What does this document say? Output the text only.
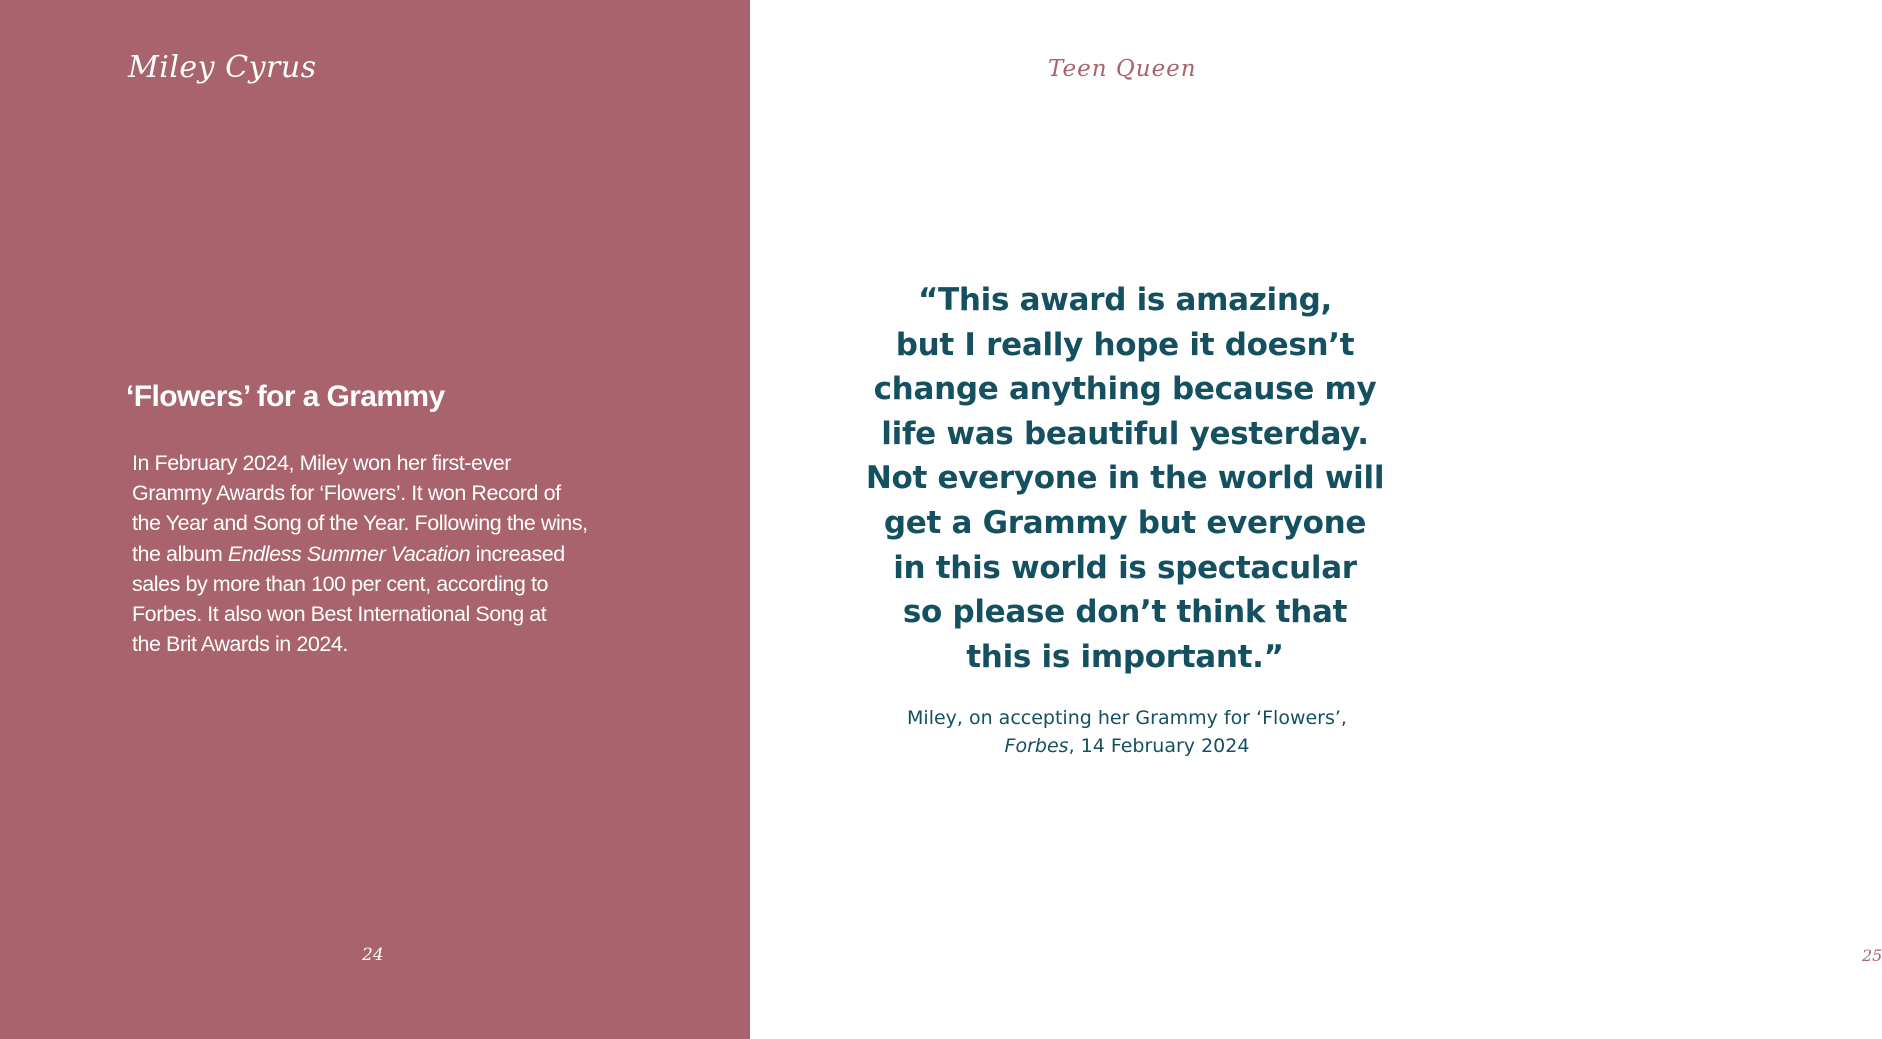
Miley Cyrus
‘Flowers’ for a Grammy

In February 2024, Miley won her first-ever
Grammy Awards for ‘Flowers’. It won Record of
the Year and Song of the Year. Following the wins,
the album Endless Summer Vacation increased
sales by more than 100 per cent, according to
Forbes. It also won Best International Song at
the Brit Awards in 2024.

24	25
Teen Queen

“This award is amazing,
but I really hope it doesn’t
change anything because my
life was beautiful yesterday.
Not everyone in the world will
get a Grammy but everyone
in this world is spectacular
so please don’t think that
this is important.”

Miley, on accepting her Grammy for ‘Flowers’,
Forbes, 14 February 2024
